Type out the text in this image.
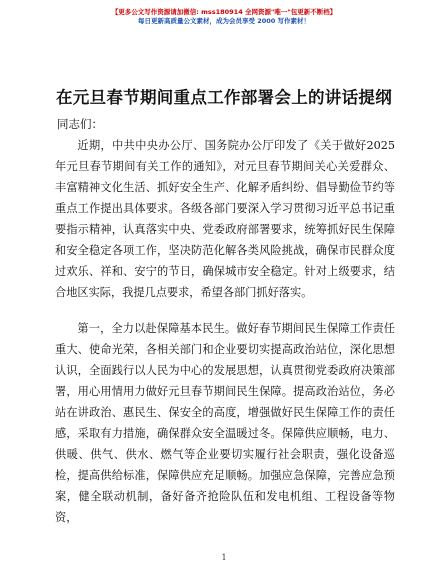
【更多公文写作资源请加微信: mss180914 全网资源"唯一"包更新不断档】
每日更新高质量公文素材，成为会员享受 2000 写作素材！
在元旦春节期间重点工作部署会上的讲话提纲
同志们：
近期，中共中央办公厅、国务院办公厅印发了《关于做好2025年元旦春节期间有关工作的通知》，对元旦春节期间关心关爱群众、丰富精神文化生活、抓好安全生产、化解矛盾纠纷、倡导勤俭节约等重点工作提出具体要求。各级各部门要深入学习贯彻习近平总书记重要指示精神，认真落实中央、党委政府部署要求，统筹抓好民生保障和安全稳定各项工作，坚决防范化解各类风险挑战，确保市民群众度过欢乐、祥和、安宁的节日，确保城市安全稳定。针对上级要求，结合地区实际，我提几点要求，希望各部门抓好落实。
第一，全力以赴保障基本民生。做好春节期间民生保障工作责任重大、使命光荣，各相关部门和企业要切实提高政治站位，深化思想认识，全面践行以人民为中心的发展思想，认真贯彻党委政府决策部署，用心用情用力做好元旦春节期间民生保障。提高政治站位，务必站在讲政治、惠民生、保安全的高度，增强做好民生保障工作的责任感，采取有力措施，确保群众安全温暖过冬。保障供应顺畅，电力、供暖、供气、供水、燃气等企业要切实履行社会职责，强化设备巡检，提高供给标准，保障供应充足顺畅。加强应急保障，完善应急预案，健全联动机制，备好备齐抢险队伍和发电机组、工程设备等物资，
1
